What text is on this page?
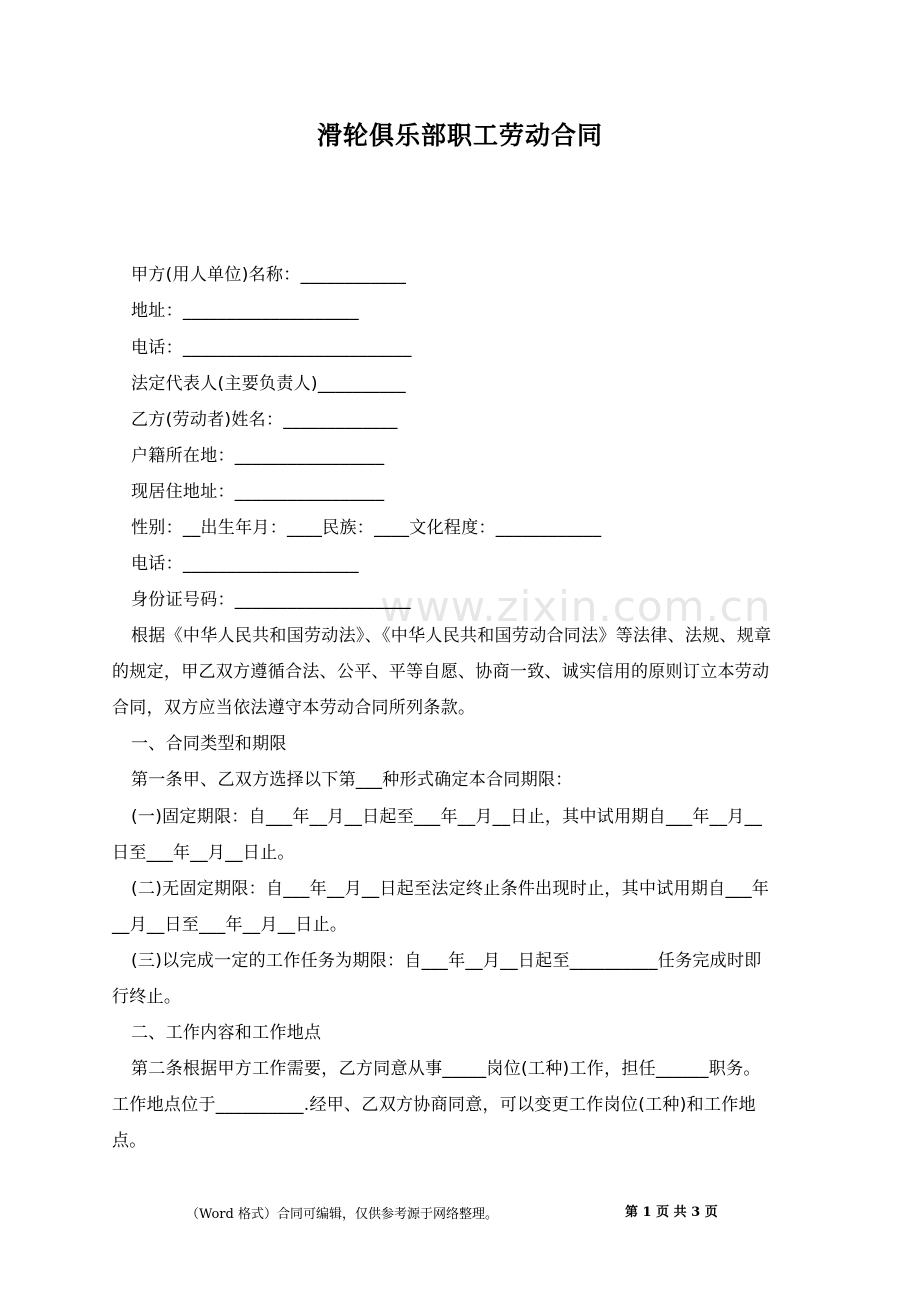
www.zixin.com.cn
滑轮俱乐部职工劳动合同
甲方(用人单位)名称：____________
地址：____________________
电话：__________________________
法定代表人(主要负责人)__________
乙方(劳动者)姓名：_____________
户籍所在地：_________________
现居住地址：_________________
性别：__出生年月：____民族：____文化程度：____________
电话：____________________
身份证号码：____________________
根据《中华人民共和国劳动法》、《中华人民共和国劳动合同法》等法律、法规、规章
的规定，甲乙双方遵循合法、公平、平等自愿、协商一致、诚实信用的原则订立本劳动
合同，双方应当依法遵守本劳动合同所列条款。
一、合同类型和期限
第一条甲、乙双方选择以下第___种形式确定本合同期限：
(一)固定期限：自___年__月__日起至___年__月__日止，其中试用期自___年__月__
日至___年__月__日止。
(二)无固定期限：自___年__月__日起至法定终止条件出现时止，其中试用期自___年
__月__日至___年__月__日止。
(三)以完成一定的工作任务为期限：自___年__月__日起至__________任务完成时即
行终止。
二、工作内容和工作地点
第二条根据甲方工作需要，乙方同意从事_____岗位(工种)工作，担任______职务。
工作地点位于__________.经甲、乙双方协商同意，可以变更工作岗位(工种)和工作地
点。
（Word 格式）合同可编辑，仅供参考源于网络整理。	第 1 页 共 3 页
